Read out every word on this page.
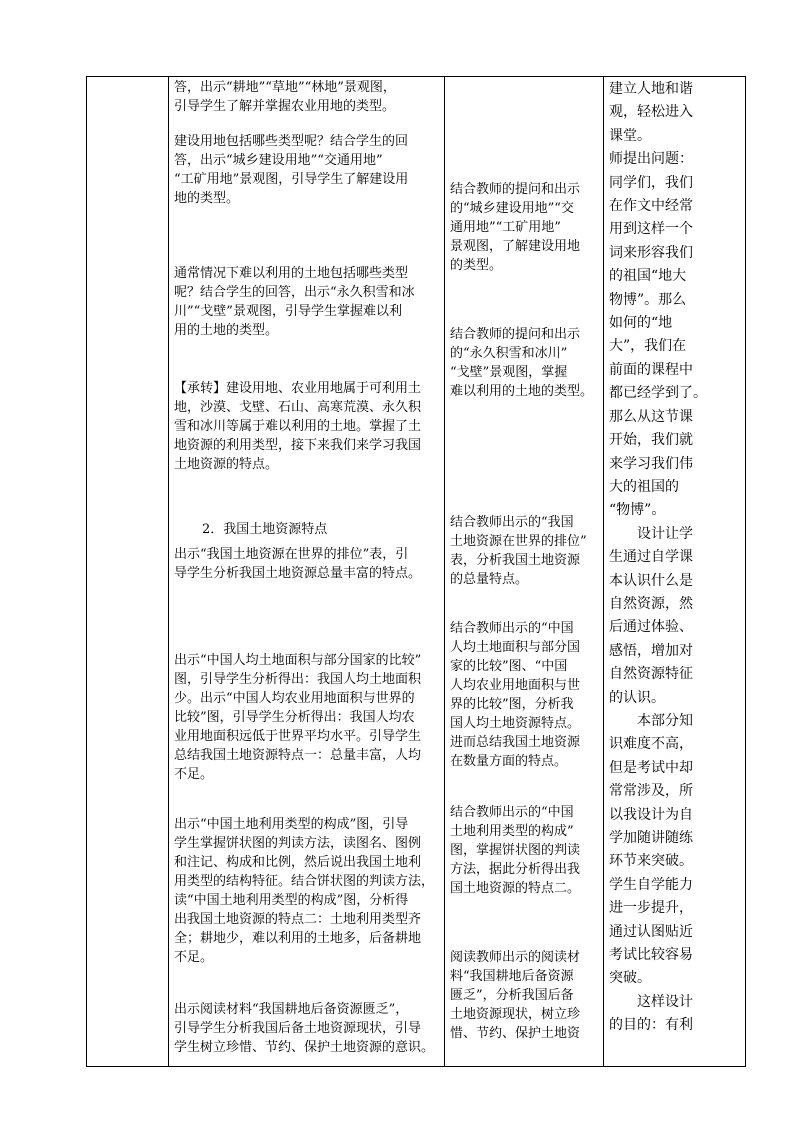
答，出示“耕地”“草地”“林地”景观图，
引导学生了解并掌握农业用地的类型。
建设用地包括哪些类型呢？结合学生的回
答，出示“城乡建设用地”“交通用地”
“工矿用地”景观图，引导学生了解建设用
地的类型。
通常情况下难以利用的土地包括哪些类型
呢？结合学生的回答，出示“永久积雪和冰
川”“戈壁”景观图，引导学生掌握难以利
用的土地的类型。
【承转】建设用地、农业用地属于可利用土
地，沙漠、戈壁、石山、高寒荒漠、永久积
雪和冰川等属于难以利用的土地。掌握了土
地资源的利用类型，接下来我们来学习我国
土地资源的特点。
2．我国土地资源特点
出示“我国土地资源在世界的排位”表，引
导学生分析我国土地资源总量丰富的特点。
出示“中国人均土地面积与部分国家的比较”
图，引导学生分析得出：我国人均土地面积
少。出示“中国人均农业用地面积与世界的
比较”图，引导学生分析得出：我国人均农
业用地面积远低于世界平均水平。引导学生
总结我国土地资源特点一：总量丰富，人均
不足。
出示“中国土地利用类型的构成”图，引导
学生掌握饼状图的判读方法，读图名、图例
和注记、构成和比例，然后说出我国土地利
用类型的结构特征。结合饼状图的判读方法，
读“中国土地利用类型的构成”图，分析得
出我国土地资源的特点二：土地利用类型齐
全；耕地少，难以利用的土地多，后备耕地
不足。
出示阅读材料“我国耕地后备资源匮乏”，
引导学生分析我国后备土地资源现状，引导
学生树立珍惜、节约、保护土地资源的意识。
结合教师的提问和出示
的“城乡建设用地”“交
通用地”“工矿用地”
景观图，了解建设用地
的类型。
结合教师的提问和出示
的“永久积雪和冰川”
“戈壁”景观图，掌握
难以利用的土地的类型。
结合教师出示的“我国
土地资源在世界的排位”
表，分析我国土地资源
的总量特点。
结合教师出示的“中国
人均土地面积与部分国
家的比较”图、“中国
人均农业用地面积与世
界的比较”图，分析我
国人均土地资源特点。
进而总结我国土地资源
在数量方面的特点。
结合教师出示的“中国
土地利用类型的构成”
图，掌握饼状图的判读
方法，据此分析得出我
国土地资源的特点二。
阅读教师出示的阅读材
料“我国耕地后备资源
匮乏”，分析我国后备
土地资源现状，树立珍
惜、节约、保护土地资
建立人地和谐
观，轻松进入
课堂。
师提出问题：
同学们，我们
在作文中经常
用到这样一个
词来形容我们
的祖国“地大
物博”。那么
如何的“地
大”，我们在
前面的课程中
都已经学到了。
那么从这节课
开始，我们就
来学习我们伟
大的祖国的
“物博”。
设计让学
生通过自学课
本认识什么是
自然资源，然
后通过体验、
感悟，增加对
自然资源特征
的认识。
本部分知
识难度不高，
但是考试中却
常常涉及，所
以我设计为自
学加随讲随练
环节来突破。
学生自学能力
进一步提升，
通过认图贴近
考试比较容易
突破。
这样设计
的目的：有利
